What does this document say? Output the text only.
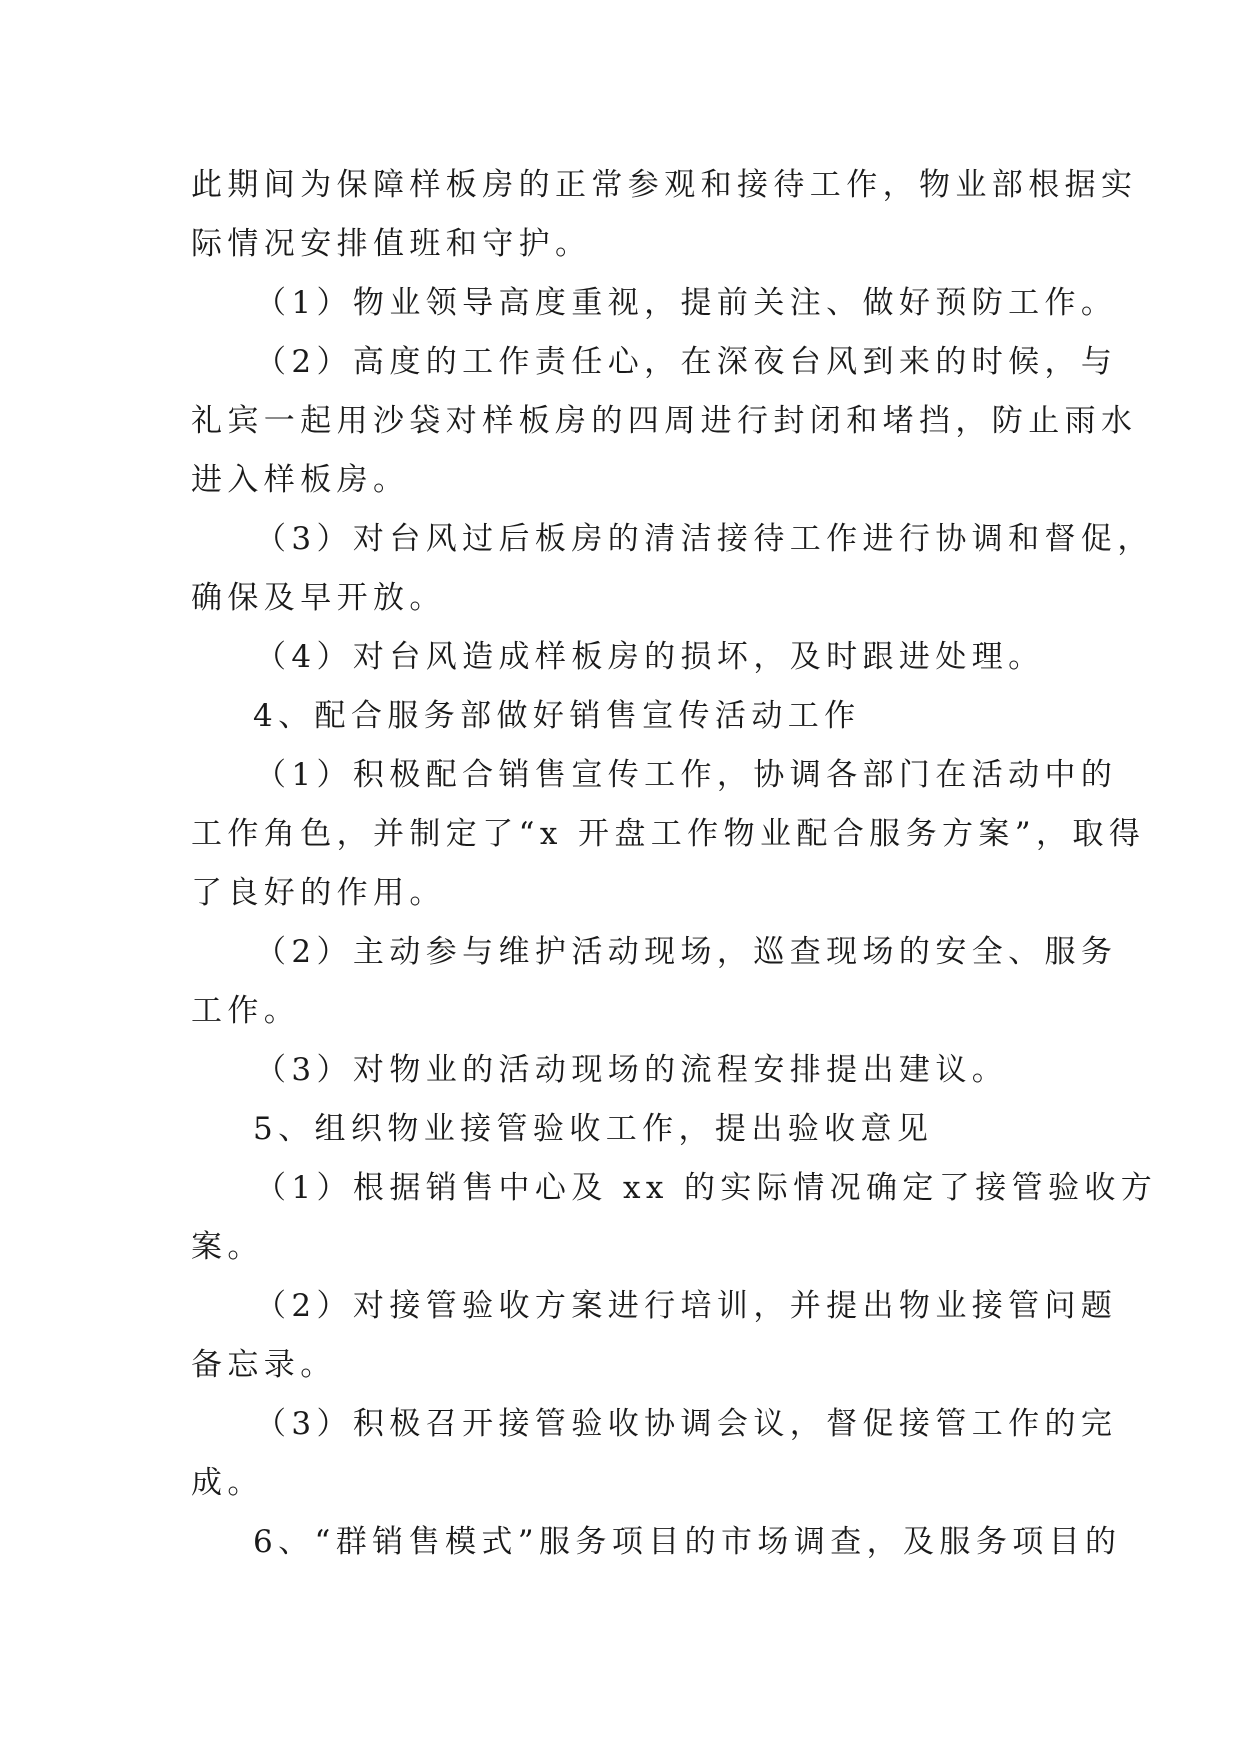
此期间为保障样板房的正常参观和接待工作，物业部根据实
际情况安排值班和守护。
（1）物业领导高度重视，提前关注、做好预防工作。
（2）高度的工作责任心，在深夜台风到来的时候，与
礼宾一起用沙袋对样板房的四周进行封闭和堵挡，防止雨水
进入样板房。
（3）对台风过后板房的清洁接待工作进行协调和督促，
确保及早开放。
（4）对台风造成样板房的损坏，及时跟进处理。
4、配合服务部做好销售宣传活动工作
（1）积极配合销售宣传工作，协调各部门在活动中的
工作角色，并制定了“x 开盘工作物业配合服务方案”，取得
了良好的作用。
（2）主动参与维护活动现场，巡查现场的安全、服务
工作。
（3）对物业的活动现场的流程安排提出建议。
5、组织物业接管验收工作，提出验收意见
（1）根据销售中心及 xx 的实际情况确定了接管验收方
案。
（2）对接管验收方案进行培训，并提出物业接管问题
备忘录。
（3）积极召开接管验收协调会议，督促接管工作的完
成。
6、“群销售模式”服务项目的市场调查，及服务项目的
